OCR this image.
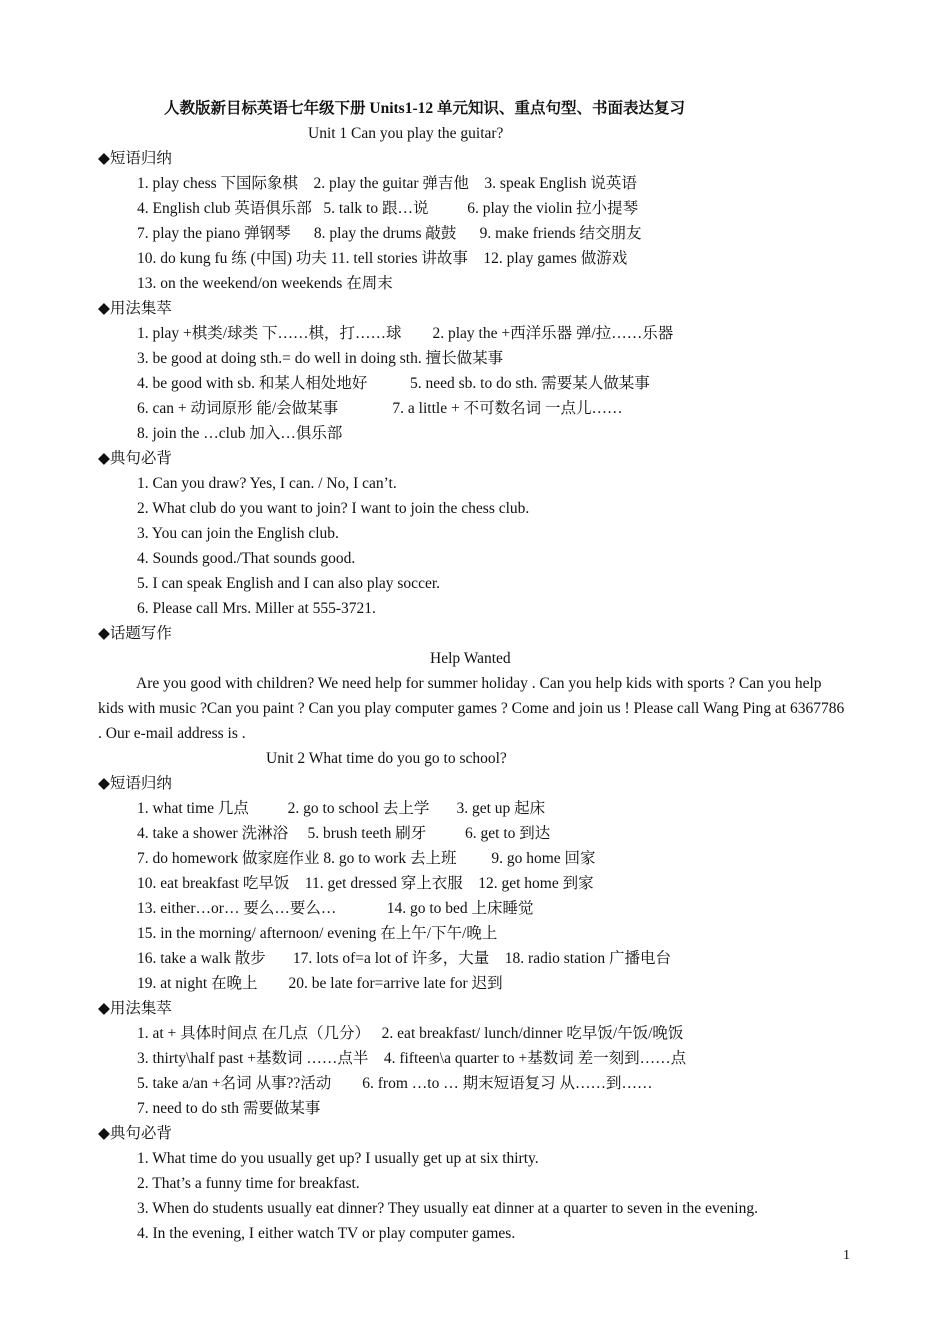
人教版新目标英语七年级下册 Units1-12 单元知识、重点句型、书面表达复习
Unit 1 Can you play the guitar?
◆短语归纳
1. play chess 下国际象棋    2. play the guitar 弹吉他    3. speak English 说英语
4. English club 英语俱乐部   5. talk to 跟…说          6. play the violin 拉小提琴
7. play the piano 弹钢琴      8. play the drums 敲鼓      9. make friends 结交朋友
10. do kung fu 练 (中国) 功夫 11. tell stories 讲故事    12. play games 做游戏
13. on the weekend/on weekends 在周末
◆用法集萃
1. play +棋类/球类 下……棋，打……球        2. play the +西洋乐器 弹/拉……乐器
3. be good at doing sth.= do well in doing sth. 擅长做某事
4. be good with sb. 和某人相处地好           5. need sb. to do sth. 需要某人做某事
6. can + 动词原形 能/会做某事              7. a little + 不可数名词 一点儿……
8. join the …club 加入…俱乐部
◆典句必背
1. Can you draw? Yes, I can. / No, I can’t.
2. What club do you want to join? I want to join the chess club.
3. You can join the English club.
4. Sounds good./That sounds good.
5. I can speak English and I can also play soccer.
6. Please call Mrs. Miller at 555-3721.
◆话题写作
Help Wanted
Are you good with children? We need help for summer holiday . Can you help kids with sports ? Can you help kids with music ?Can you paint ? Can you play computer games ? Come and join us ! Please call Wang Ping at 6367786 . Our e-mail address is .
Unit 2 What time do you go to school?
◆短语归纳
1. what time 几点          2. go to school 去上学       3. get up 起床
4. take a shower 洗淋浴     5. brush teeth 刷牙          6. get to 到达
7. do homework 做家庭作业 8. go to work 去上班         9. go home 回家
10. eat breakfast 吃早饭    11. get dressed 穿上衣服    12. get home 到家
13. either…or… 要么…要么…             14. go to bed 上床睡觉
15. in the morning/ afternoon/ evening 在上午/下午/晚上
16. take a walk 散步       17. lots of=a lot of 许多，大量    18. radio station 广播电台
19. at night 在晚上        20. be late for=arrive late for 迟到
◆用法集萃
1. at + 具体时间点 在几点（几分）   2. eat breakfast/ lunch/dinner 吃早饭/午饭/晚饭
3. thirty\half past +基数词 ……点半    4. fifteen\a quarter to +基数词 差一刻到……点
5. take a/an +名词 从事??活动        6. from …to … 期末短语复习 从……到……
7. need to do sth 需要做某事
◆典句必背
1. What time do you usually get up? I usually get up at six thirty.
2. That’s a funny time for breakfast.
3. When do students usually eat dinner? They usually eat dinner at a quarter to seven in the evening.
4. In the evening, I either watch TV or play computer games.
1
